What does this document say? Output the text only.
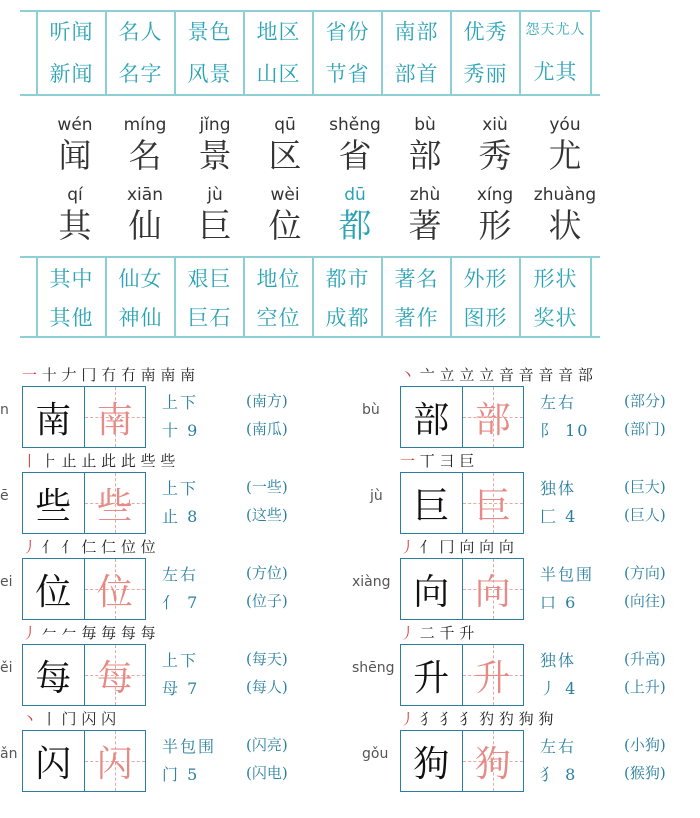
听闻
新闻
名人
名字
景色
风景
地区
山区
省份
节省
南部
部首
优秀
秀丽
怨天尤人
尤其
wén
闻
míng
名
jǐng
景
qū
区
shěng
省
bù
部
xiù
秀
yóu
尤
qí
其
xiān
仙
jù
巨
wèi
位
dū
都
zhù
著
xíng
形
zhuàng
状
其中
其他
仙女
神仙
艰巨
巨石
地位
空位
都市
成都
著名
著作
外形
图形
形状
奖状
一 十 𠂇 冂 冇 冇 南 南 南
n 南 南 上下
十 9
(南方)
(南瓜)
丨 ⺊ 止 止 此 此 些 些
ē 些 些 上下
止 8
(一些)
(这些)
丿 亻 亻 仁 仁 位 位
ei 位 位 左右
亻 7
(方位)
(位子)
丿 𠂉 𠂉 毎 毎 每 每
ěi 每 每 上下
母 7
(每天)
(每人)
丶 丨 门 闪 闪
ǎn 闪 闪 半包围
门 5
(闪亮)
(闪电)
丶 亠 立 立 立 音 音 音 音 部
bù 部 部 左右
阝 10
(部分)
(部门)
一 丅 彐 巨
jù 巨 巨 独体
匚 4
(巨大)
(巨人)
丿 亻 冂 向 向 向
xiàng 向 向 半包围
口 6
(方向)
(向往)
丿 二 千 升
shēng 升 升 独体
丿 4
(升高)
(上升)
丿 犭 犭 犭 犳 犳 狗 狗
gǒu 狗 狗 左右
犭 8
(小狗)
(猴狗)
